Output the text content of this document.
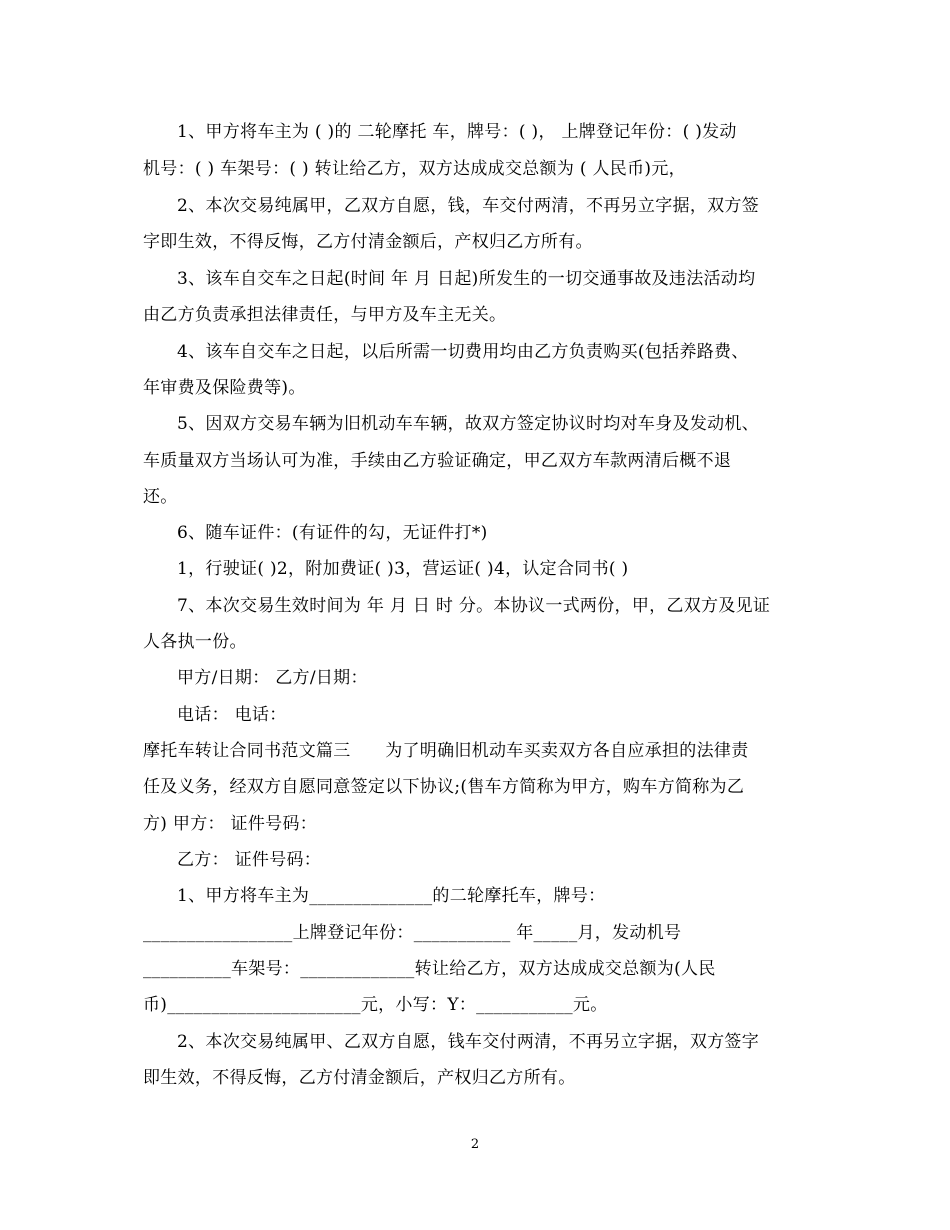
1、甲方将车主为 ( )的 二轮摩托 车，牌号：( )， 上牌登记年份：( )发动
机号：( ) 车架号：( ) 转让给乙方，双方达成成交总额为 ( 人民币)元，
2、本次交易纯属甲，乙双方自愿，钱，车交付两清，不再另立字据，双方签
字即生效，不得反悔，乙方付清金额后，产权归乙方所有。
3、该车自交车之日起(时间 年 月 日起)所发生的一切交通事故及违法活动均
由乙方负责承担法律责任，与甲方及车主无关。
4、该车自交车之日起，以后所需一切费用均由乙方负责购买(包括养路费、
年审费及保险费等)。
5、因双方交易车辆为旧机动车车辆，故双方签定协议时均对车身及发动机、
车质量双方当场认可为准，手续由乙方验证确定，甲乙双方车款两清后概不退
还。
6、随车证件：(有证件的勾，无证件打*)
1，行驶证( )2，附加费证( )3，营运证( )4，认定合同书( )
7、本次交易生效时间为 年 月 日 时 分。本协议一式两份，甲，乙双方及见证
人各执一份。
甲方/日期： 乙方/日期：
电话： 电话：
摩托车转让合同书范文篇三　　为了明确旧机动车买卖双方各自应承担的法律责
任及义务，经双方自愿同意签定以下协议;(售车方简称为甲方，购车方简称为乙
方) 甲方： 证件号码：
乙方： 证件号码：
1、甲方将车主为______________的二轮摩托车，牌号：
_________________上牌登记年份：___________ 年_____月，发动机号
__________车架号：_____________转让给乙方，双方达成成交总额为(人民
币)______________________元，小写：Y：___________元。
2、本次交易纯属甲、乙双方自愿，钱车交付两清，不再另立字据，双方签字
即生效，不得反悔，乙方付清金额后，产权归乙方所有。
2
